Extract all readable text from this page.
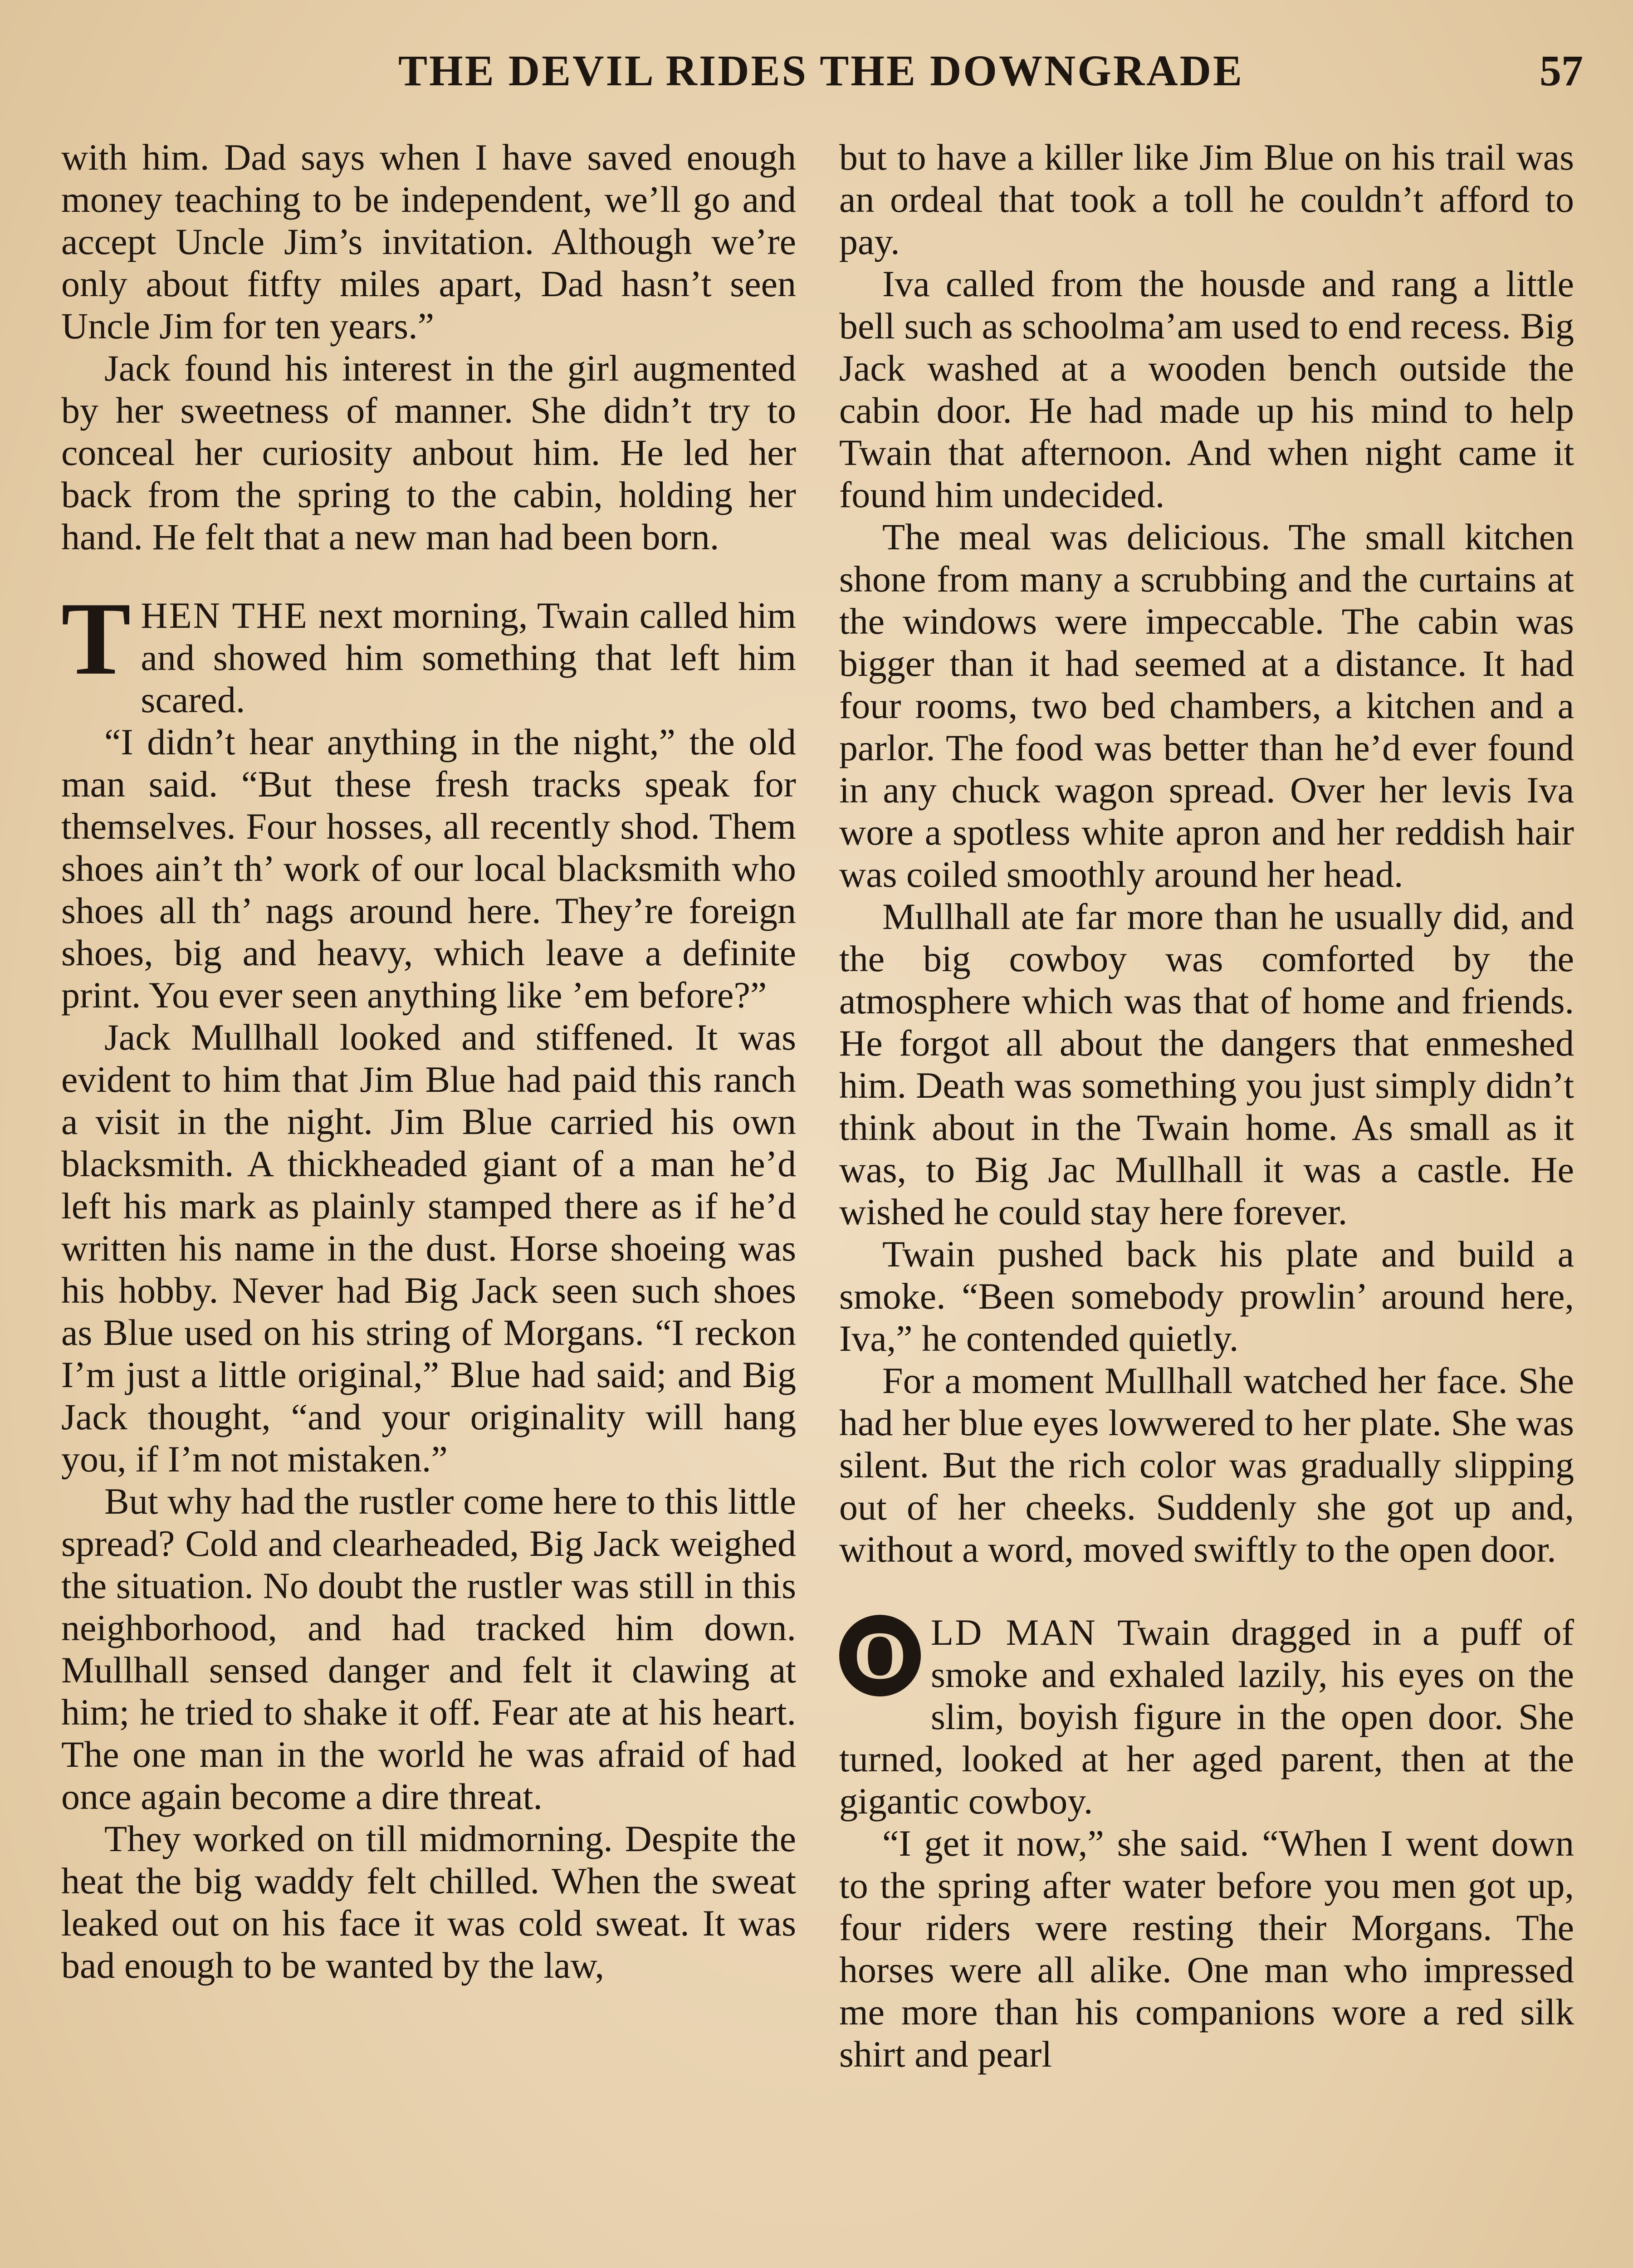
THE DEVIL RIDES THE DOWNGRADE	57

with him. Dad says when I have saved enough money teaching to be independent, we’ll go and accept Uncle Jim’s invitation. Although we’re only about fitfty miles apart, Dad hasn’t seen Uncle Jim for ten years.”

Jack found his interest in the girl augmented by her sweetness of manner. She didn’t try to conceal her curiosity anbout him. He led her back from the spring to the cabin, holding her hand. He felt that a new man had been born.

THEN THE next morning, Twain called him and showed him something that left him scared.

“I didn’t hear anything in the night,” the old man said. “But these fresh tracks speak for themselves. Four hosses, all recently shod. Them shoes ain’t th’ work of our local blacksmith who shoes all th’ nags around here. They’re foreign shoes, big and heavy, which leave a definite print. You ever seen anything like ’em before?”

Jack Mullhall looked and stiffened. It was evident to him that Jim Blue had paid this ranch a visit in the night. Jim Blue carried his own blacksmith. A thickheaded giant of a man he’d left his mark as plainly stamped there as if he’d written his name in the dust. Horse shoeing was his hobby. Never had Big Jack seen such shoes as Blue used on his string of Morgans. “I reckon I’m just a little original,” Blue had said; and Big Jack thought, “and your originality will hang you, if I’m not mistaken.”

But why had the rustler come here to this little spread? Cold and clearheaded, Big Jack weighed the situation. No doubt the rustler was still in this neighborhood, and had tracked him down. Mullhall sensed danger and felt it clawing at him; he tried to shake it off. Fear ate at his heart. The one man in the world he was afraid of had once again become a dire threat.

They worked on till midmorning. Despite the heat the big waddy felt chilled. When the sweat leaked out on his face it was cold sweat. It was bad enough to be wanted by the law,

but to have a killer like Jim Blue on his trail was an ordeal that took a toll he couldn’t afford to pay.

Iva called from the housde and rang a little bell such as schoolma’am used to end recess. Big Jack washed at a wooden bench outside the cabin door. He had made up his mind to help Twain that afternoon. And when night came it found him undecided.

The meal was delicious. The small kitchen shone from many a scrubbing and the curtains at the windows were impeccable. The cabin was bigger than it had seemed at a distance. It had four rooms, two bed chambers, a kitchen and a parlor. The food was better than he’d ever found in any chuck wagon spread. Over her levis Iva wore a spotless white apron and her reddish hair was coiled smoothly around her head.

Mullhall ate far more than he usually did, and the big cowboy was comforted by the atmosphere which was that of home and friends. He forgot all about the dangers that enmeshed him. Death was something you just simply didn’t think about in the Twain home. As small as it was, to Big Jac Mullhall it was a castle. He wished he could stay here forever.

Twain pushed back his plate and build a smoke. “Been somebody prowlin’ around here, Iva,” he contended quietly.

For a moment Mullhall watched her face. She had her blue eyes lowwered to her plate. She was silent. But the rich color was gradually slipping out of her cheeks. Suddenly she got up and, without a word, moved swiftly to the open door.

O LD MAN Twain dragged in a puff of smoke and exhaled lazily, his eyes on the slim, boyish figure in the open door. She turned, looked at her aged parent, then at the gigantic cowboy.

“I get it now,” she said. “When I went down to the spring after water before you men got up, four riders were resting their Morgans. The horses were all alike. One man who impressed me more than his companions wore a red silk shirt and pearl
